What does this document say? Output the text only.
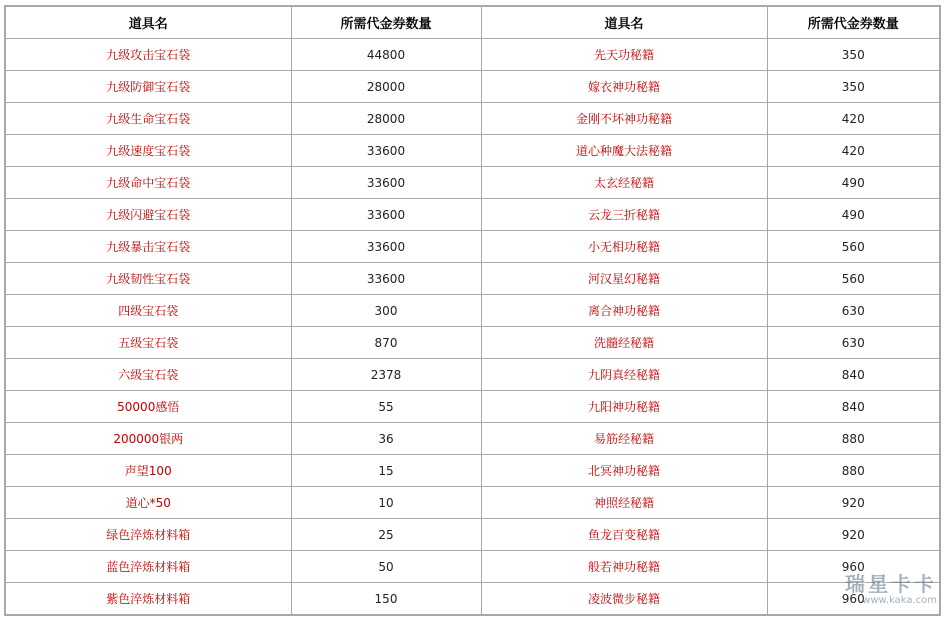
道具名	所需代金券数量	道具名	所需代金券数量
九级攻击宝石袋	44800	先天功秘籍	350
九级防御宝石袋	28000	嫁衣神功秘籍	350
九级生命宝石袋	28000	金刚不坏神功秘籍	420
九级速度宝石袋	33600	道心种魔大法秘籍	420
九级命中宝石袋	33600	太玄经秘籍	490
九级闪避宝石袋	33600	云龙三折秘籍	490
九级暴击宝石袋	33600	小无相功秘籍	560
九级韧性宝石袋	33600	河汉星幻秘籍	560
四级宝石袋	300	离合神功秘籍	630
五级宝石袋	870	洗髓经秘籍	630
六级宝石袋	2378	九阴真经秘籍	840
50000感悟	55	九阳神功秘籍	840
200000银两	36	易筋经秘籍	880
声望100	15	北冥神功秘籍	880
道心*50	10	神照经秘籍	920
绿色淬炼材料箱	25	鱼龙百变秘籍	920
蓝色淬炼材料箱	50	般若神功秘籍	960
紫色淬炼材料箱	150	凌波微步秘籍	960
瑞星卡卡
www.kaka.com
